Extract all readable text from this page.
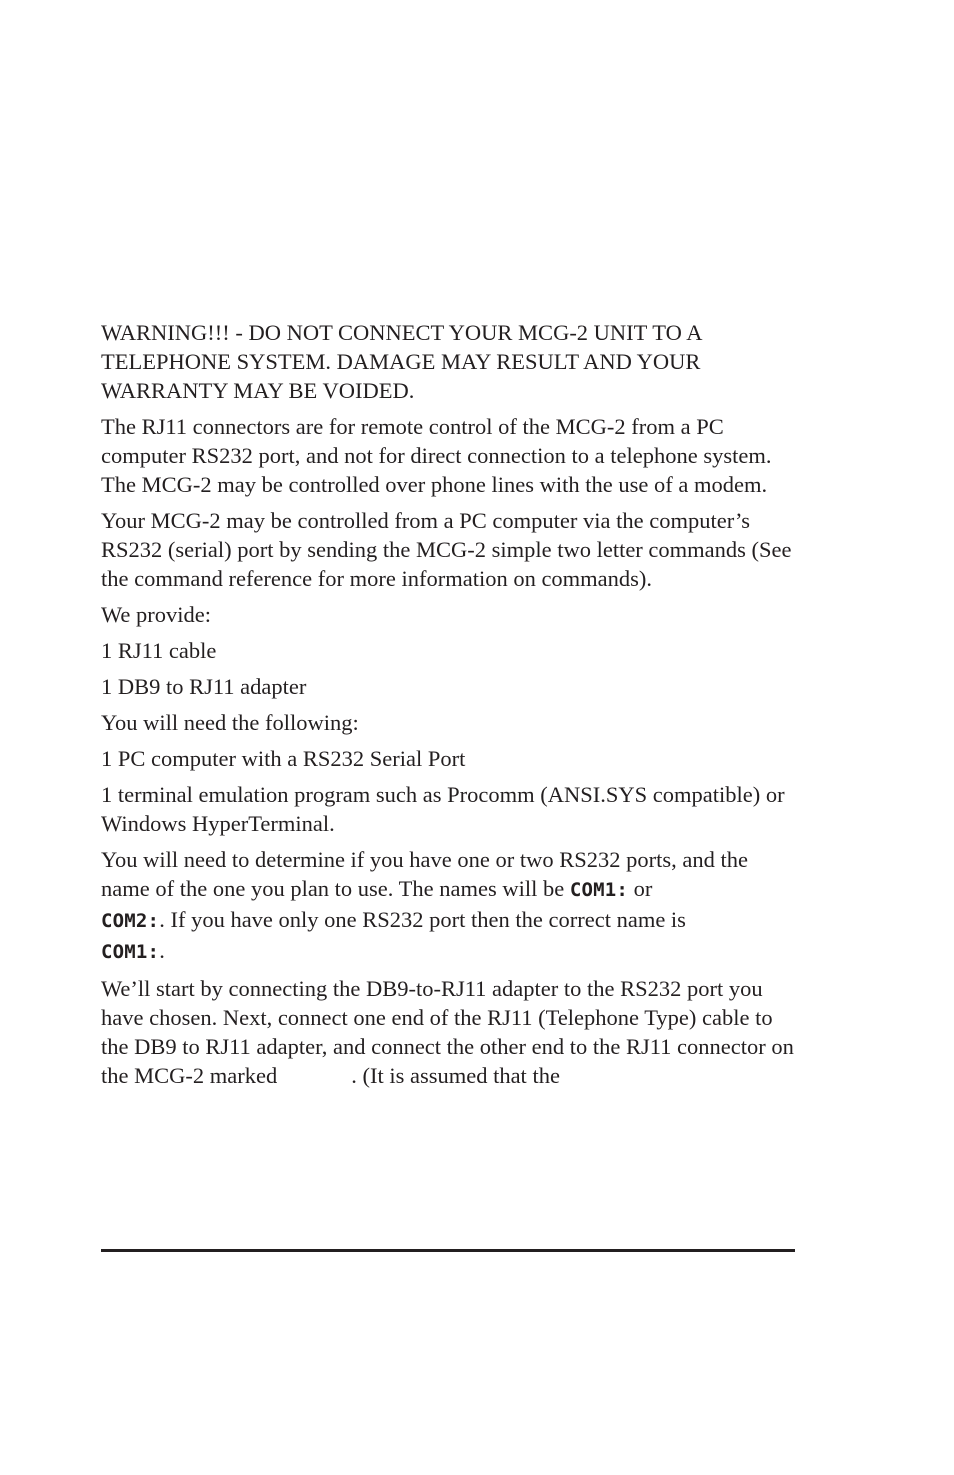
WARNING!!! - DO NOT CONNECT YOUR MCG-2 UNIT TO A TELEPHONE SYSTEM. DAMAGE MAY RESULT AND YOUR WARRANTY MAY BE VOIDED.

The RJ11 connectors are for remote control of the MCG-2 from a PC computer RS232 port, and not for direct connection to a telephone system. The MCG-2 may be controlled over phone lines with the use of a modem.

Your MCG-2 may be controlled from a PC computer via the computer’s RS232 (serial) port by sending the MCG-2 simple two letter commands (See the command reference for more information on commands).

We provide:

1 RJ11 cable

1 DB9 to RJ11 adapter

You will need the following:

1 PC computer with a RS232 Serial Port

1 terminal emulation program such as Procomm (ANSI.SYS compatible) or Windows HyperTerminal.

You will need to determine if you have one or two RS232 ports, and the name of the one you plan to use. The names will be COM1: or
COM2:. If you have only one RS232 port then the correct name is
COM1:.

We’ll start by connecting the DB9-to-RJ11 adapter to the RS232 port you have chosen. Next, connect one end of the RJ11 (Telephone Type) cable to the DB9 to RJ11 adapter, and connect the other end to the RJ11 connector on the MCG-2 marked	. (It is assumed that the
